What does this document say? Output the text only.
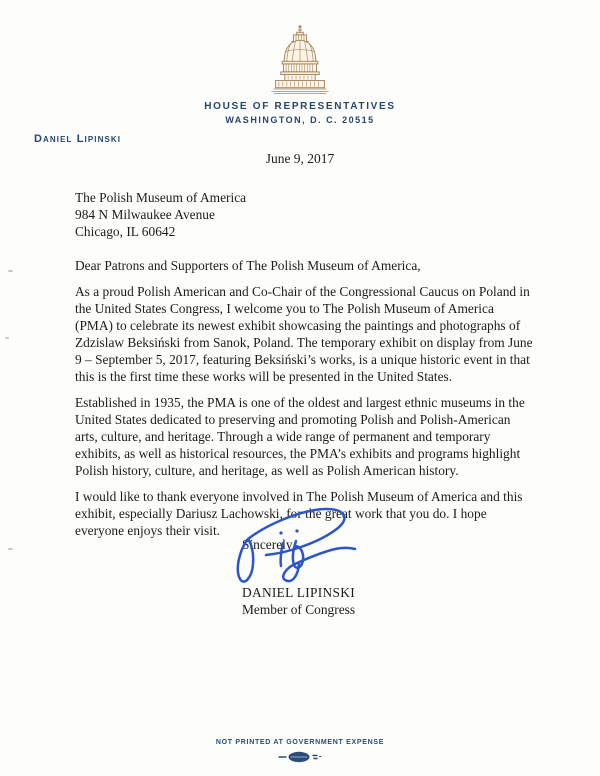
HOUSE OF REPRESENTATIVES
WASHINGTON, D. C. 20515
Daniel Lipinski
June 9, 2017
The Polish Museum of America
984 N Milwaukee Avenue
Chicago, IL 60642

Dear Patrons and Supporters of The Polish Museum of America,

As a proud Polish American and Co-Chair of the Congressional Caucus on Poland in the United States Congress, I welcome you to The Polish Museum of America (PMA) to celebrate its newest exhibit showcasing the paintings and photographs of Zdzislaw Beksiński from Sanok, Poland. The temporary exhibit on display from June 9 – September 5, 2017, featuring Beksiński’s works, is a unique historic event in that this is the first time these works will be presented in the United States.

Established in 1935, the PMA is one of the oldest and largest ethnic museums in the United States dedicated to preserving and promoting Polish and Polish-American arts, culture, and heritage. Through a wide range of permanent and temporary exhibits, as well as historical resources, the PMA’s exhibits and programs highlight Polish history, culture, and heritage, as well as Polish American history.

I would like to thank everyone involved in The Polish Museum of America and this exhibit, especially Dariusz Lachowski, for the great work that you do. I hope everyone enjoys their visit.

Sincerely,
DANIEL LIPINSKI
Member of Congress
NOT PRINTED AT GOVERNMENT EXPENSE
